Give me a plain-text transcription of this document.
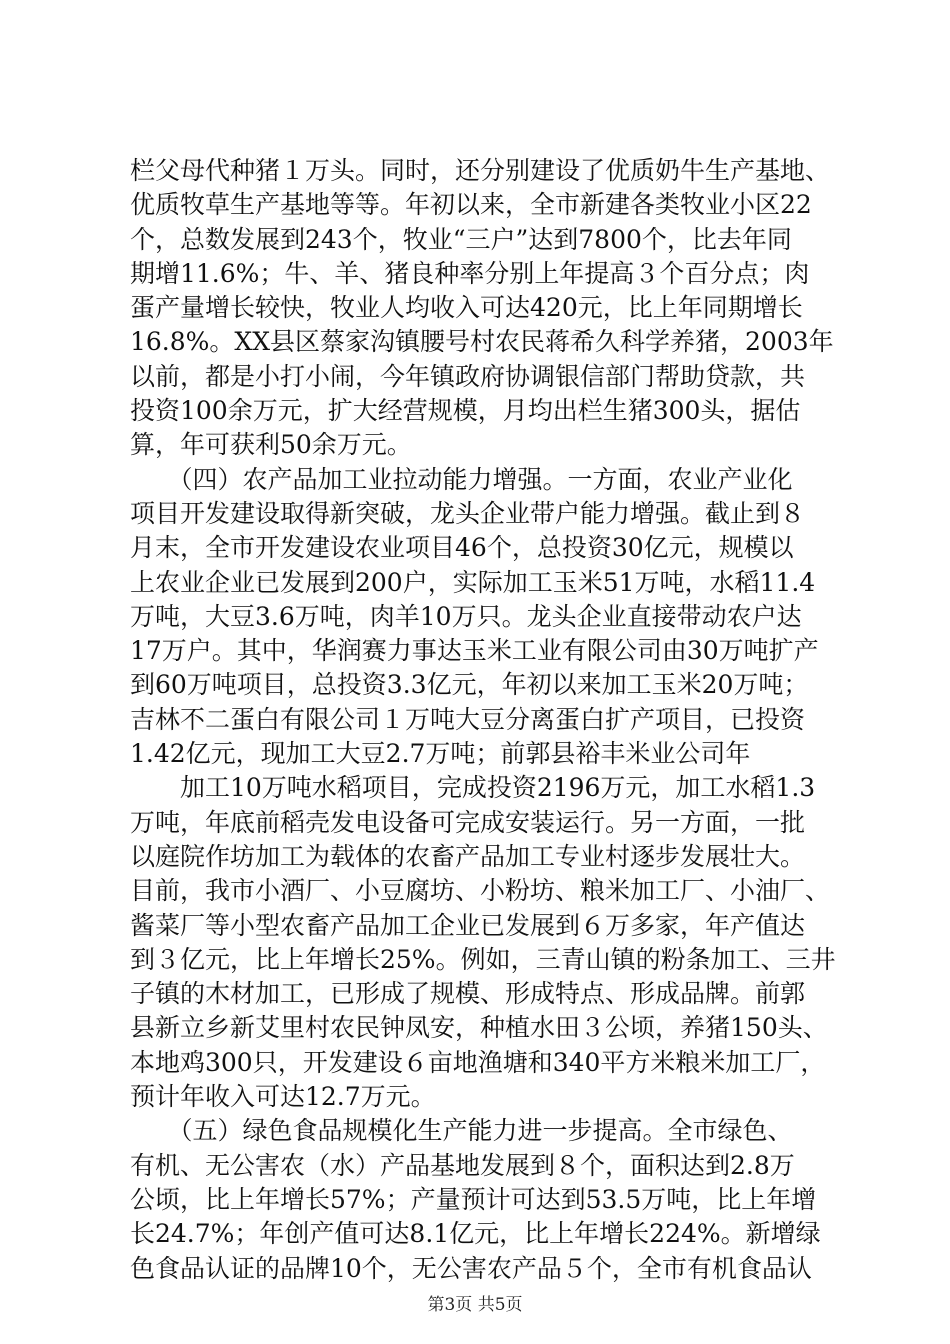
栏父母代种猪１万头。同时，还分别建设了优质奶牛生产基地、
优质牧草生产基地等等。年初以来，全市新建各类牧业小区22
个，总数发展到243个，牧业“三户”达到7800个，比去年同
期增11.6%；牛、羊、猪良种率分别上年提高３个百分点；肉
蛋产量增长较快，牧业人均收入可达420元，比上年同期增长
16.8%。XX县区蔡家沟镇腰号村农民蒋希久科学养猪，2003年
以前，都是小打小闹，今年镇政府协调银信部门帮助贷款，共
投资100余万元，扩大经营规模，月均出栏生猪300头，据估
算，年可获利50余万元。
　　（四）农产品加工业拉动能力增强。一方面，农业产业化
项目开发建设取得新突破，龙头企业带户能力增强。截止到８
月末，全市开发建设农业项目46个，总投资30亿元，规模以
上农业企业已发展到200户，实际加工玉米51万吨，水稻11.4
万吨，大豆3.6万吨，肉羊10万只。龙头企业直接带动农户达
17万户。其中，华润赛力事达玉米工业有限公司由30万吨扩产
到60万吨项目，总投资3.3亿元，年初以来加工玉米20万吨；
吉林不二蛋白有限公司１万吨大豆分离蛋白扩产项目，已投资
1.42亿元，现加工大豆2.7万吨；前郭县裕丰米业公司年
　　加工10万吨水稻项目，完成投资2196万元，加工水稻1.3
万吨，年底前稻壳发电设备可完成安装运行。另一方面，一批
以庭院作坊加工为载体的农畜产品加工专业村逐步发展壮大。
目前，我市小酒厂、小豆腐坊、小粉坊、粮米加工厂、小油厂、
酱菜厂等小型农畜产品加工企业已发展到６万多家，年产值达
到３亿元，比上年增长25%。例如，三青山镇的粉条加工、三井
子镇的木材加工，已形成了规模、形成特点、形成品牌。前郭
县新立乡新艾里村农民钟凤安，种植水田３公顷，养猪150头、
本地鸡300只，开发建设６亩地渔塘和340平方米粮米加工厂，
预计年收入可达12.7万元。
　　（五）绿色食品规模化生产能力进一步提高。全市绿色、
有机、无公害农（水）产品基地发展到８个，面积达到2.8万
公顷，比上年增长57%；产量预计可达到53.5万吨，比上年增
长24.7%；年创产值可达8.1亿元，比上年增长224%。新增绿
色食品认证的品牌10个，无公害农产品５个，全市有机食品认
第3页 共5页
